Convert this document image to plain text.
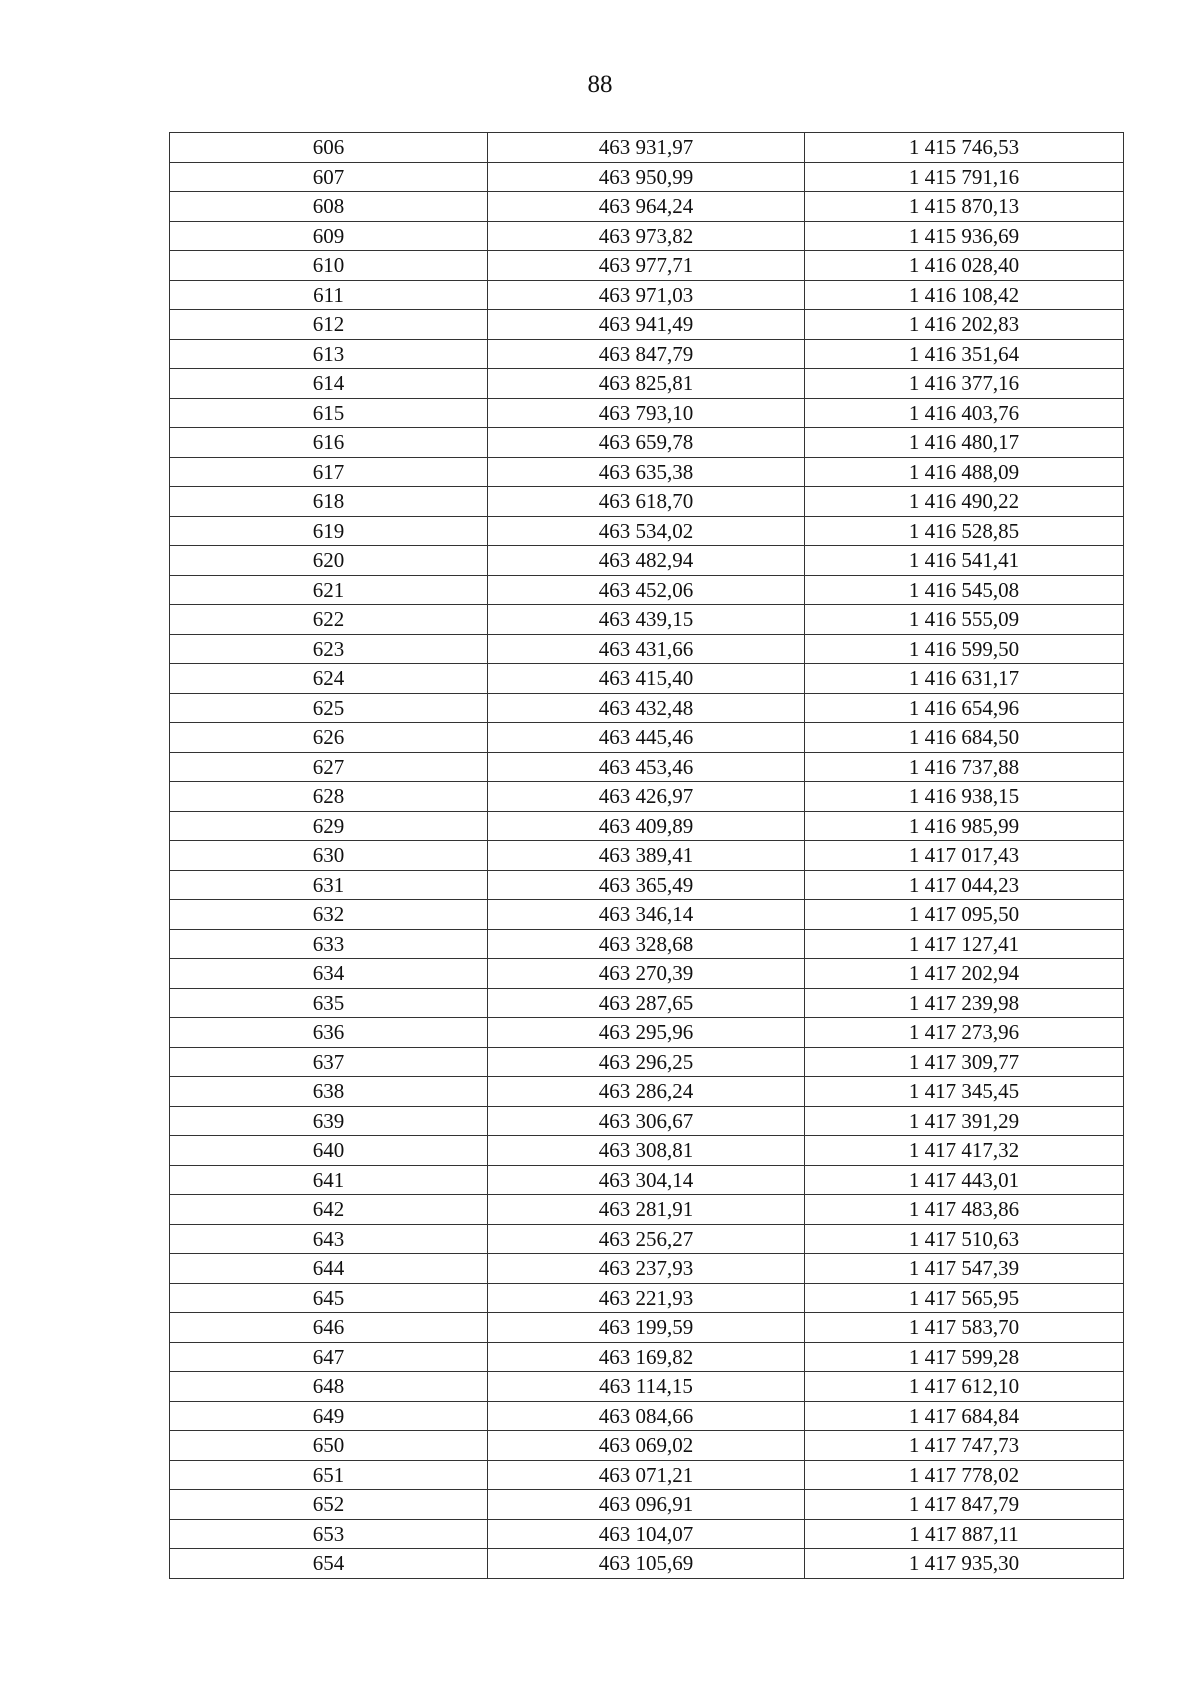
88
606	463 931,97	1 415 746,53
607	463 950,99	1 415 791,16
608	463 964,24	1 415 870,13
609	463 973,82	1 415 936,69
610	463 977,71	1 416 028,40
611	463 971,03	1 416 108,42
612	463 941,49	1 416 202,83
613	463 847,79	1 416 351,64
614	463 825,81	1 416 377,16
615	463 793,10	1 416 403,76
616	463 659,78	1 416 480,17
617	463 635,38	1 416 488,09
618	463 618,70	1 416 490,22
619	463 534,02	1 416 528,85
620	463 482,94	1 416 541,41
621	463 452,06	1 416 545,08
622	463 439,15	1 416 555,09
623	463 431,66	1 416 599,50
624	463 415,40	1 416 631,17
625	463 432,48	1 416 654,96
626	463 445,46	1 416 684,50
627	463 453,46	1 416 737,88
628	463 426,97	1 416 938,15
629	463 409,89	1 416 985,99
630	463 389,41	1 417 017,43
631	463 365,49	1 417 044,23
632	463 346,14	1 417 095,50
633	463 328,68	1 417 127,41
634	463 270,39	1 417 202,94
635	463 287,65	1 417 239,98
636	463 295,96	1 417 273,96
637	463 296,25	1 417 309,77
638	463 286,24	1 417 345,45
639	463 306,67	1 417 391,29
640	463 308,81	1 417 417,32
641	463 304,14	1 417 443,01
642	463 281,91	1 417 483,86
643	463 256,27	1 417 510,63
644	463 237,93	1 417 547,39
645	463 221,93	1 417 565,95
646	463 199,59	1 417 583,70
647	463 169,82	1 417 599,28
648	463 114,15	1 417 612,10
649	463 084,66	1 417 684,84
650	463 069,02	1 417 747,73
651	463 071,21	1 417 778,02
652	463 096,91	1 417 847,79
653	463 104,07	1 417 887,11
654	463 105,69	1 417 935,30
